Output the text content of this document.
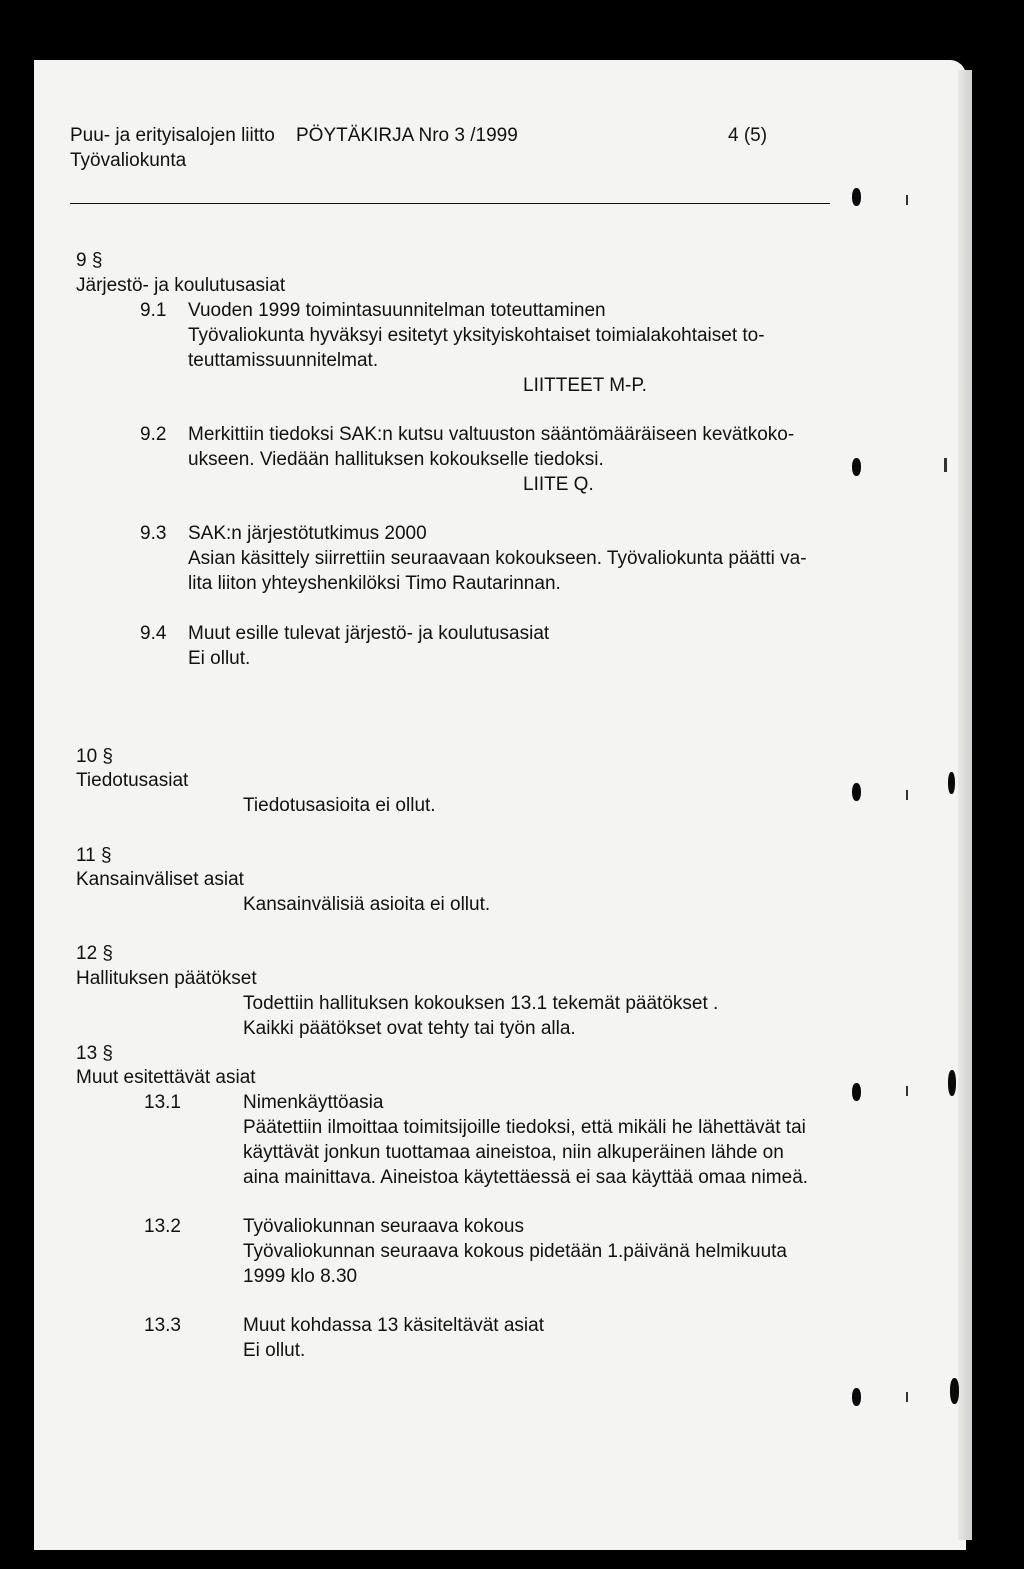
Puu- ja erityisalojen liitto

Työvaliokunta

PÖYTÄKIRJA Nro 3 /1999	4 (5)

9 §

Järjestö- ja koulutusasiat

9.1 Vuoden 1999 toimintasuunnitelman toteuttaminen

Työvaliokunta hyväksyi esitetyt yksityiskohtaiset toimialakohtaiset to-

teuttamissuunnitelmat.

LIITTEET M-P.

9.2 Merkittiin tiedoksi SAK:n kutsu valtuuston sääntömääräiseen kevätkoko-

ukseen. Viedään hallituksen kokoukselle tiedoksi.

LIITE Q.

9.3 SAK:n järjestötutkimus 2000

Asian käsittely siirrettiin seuraavaan kokoukseen. Työvaliokunta päätti va-

lita liiton yhteyshenkilöksi Timo Rautarinnan.

9.4 Muut esille tulevat järjestö- ja koulutusasiat

Ei ollut.

10 §

Tiedotusasiat

Tiedotusasioita ei ollut.

11 §

Kansainväliset asiat

Kansainvälisiä asioita ei ollut.

12 §

Hallituksen päätökset

Todettiin hallituksen kokouksen 13.1 tekemät päätökset .

Kaikki päätökset ovat tehty tai työn alla.

13 §

Muut esitettävät asiat

13.1	Nimenkäyttöasia

Päätettiin ilmoittaa toimitsijoille tiedoksi, että mikäli he lähettävät tai

käyttävät jonkun tuottamaa aineistoa, niin alkuperäinen lähde on

aina mainittava. Aineistoa käytettäessä ei saa käyttää omaa nimeä.

13.2	Työvaliokunnan seuraava kokous

Työvaliokunnan seuraava kokous pidetään 1.päivänä helmikuuta

1999 klo 8.30

13.3	Muut kohdassa 13 käsiteltävät asiat

Ei ollut.
